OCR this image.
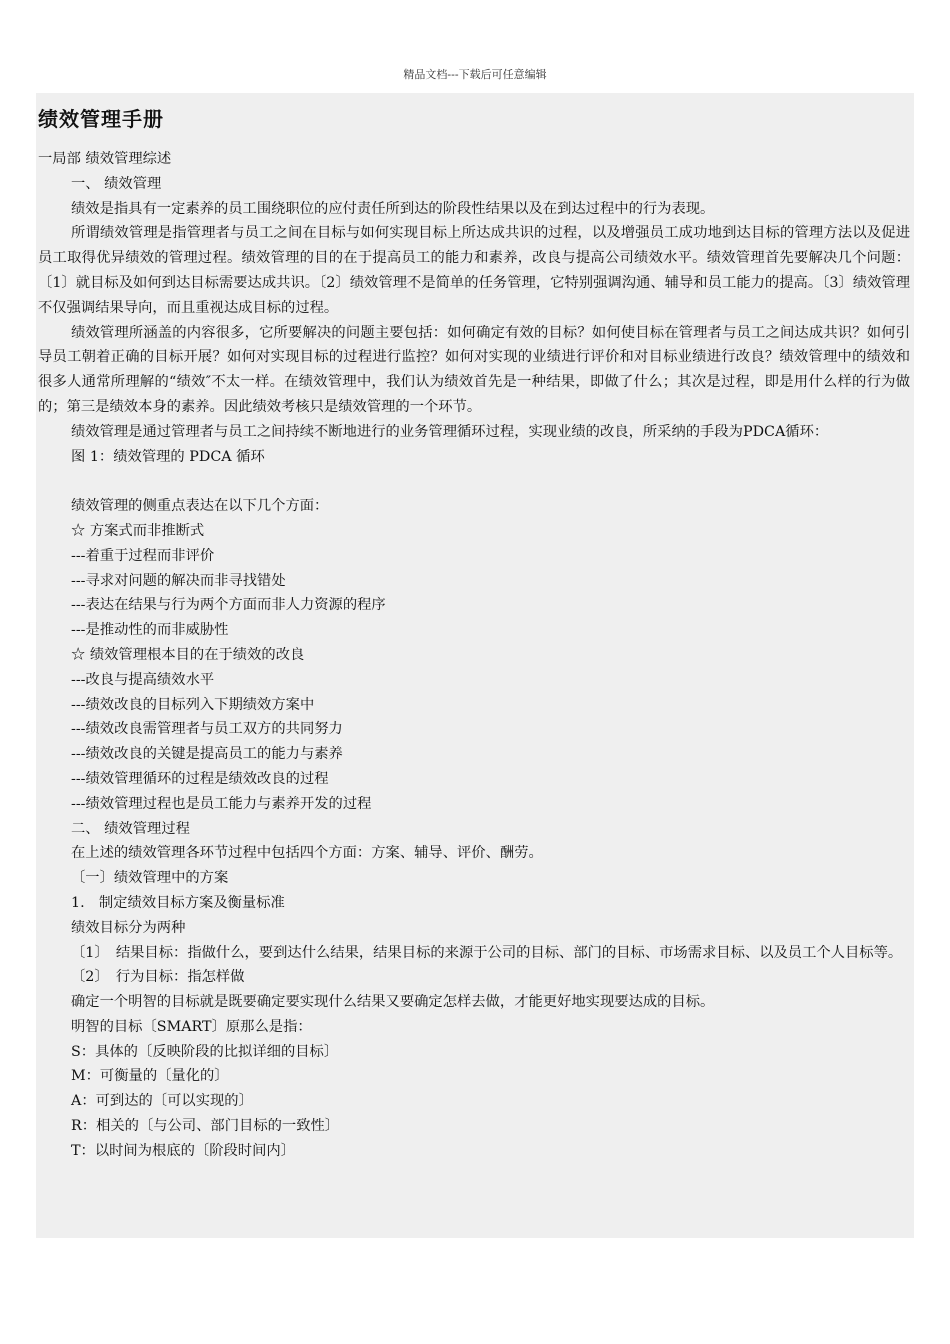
精品文档---下载后可任意编辑
绩效管理手册

一局部 绩效管理综述

一、 绩效管理

绩效是指具有一定素养的员工围绕职位的应付责任所到达的阶段性结果以及在到达过程中的行为表现。

所谓绩效管理是指管理者与员工之间在目标与如何实现目标上所达成共识的过程，以及增强员工成功地到达目标的管理方法以及促进员工取得优异绩效的管理过程。绩效管理的目的在于提高员工的能力和素养，改良与提高公司绩效水平。绩效管理首先要解决几个问题：〔1〕就目标及如何到达目标需要达成共识。〔2〕绩效管理不是简单的任务管理，它特别强调沟通、辅导和员工能力的提高。〔3〕绩效管理不仅强调结果导向，而且重视达成目标的过程。

绩效管理所涵盖的内容很多，它所要解决的问题主要包括：如何确定有效的目标？如何使目标在管理者与员工之间达成共识？如何引导员工朝着正确的目标开展？如何对实现目标的过程进行监控？如何对实现的业绩进行评价和对目标业绩进行改良？绩效管理中的绩效和很多人通常所理解的“绩效″不太一样。在绩效管理中，我们认为绩效首先是一种结果，即做了什么；其次是过程，即是用什么样的行为做的；第三是绩效本身的素养。因此绩效考核只是绩效管理的一个环节。

绩效管理是通过管理者与员工之间持续不断地进行的业务管理循环过程，实现业绩的改良，所采纳的手段为PDCA循环：

图 1：绩效管理的 PDCA 循环

绩效管理的侧重点表达在以下几个方面：

☆ 方案式而非推断式

---着重于过程而非评价

---寻求对问题的解决而非寻找错处

---表达在结果与行为两个方面而非人力资源的程序

---是推动性的而非威胁性

☆ 绩效管理根本目的在于绩效的改良

---改良与提高绩效水平

---绩效改良的目标列入下期绩效方案中

---绩效改良需管理者与员工双方的共同努力

---绩效改良的关键是提高员工的能力与素养

---绩效管理循环的过程是绩效改良的过程

---绩效管理过程也是员工能力与素养开发的过程

二、 绩效管理过程

在上述的绩效管理各环节过程中包括四个方面：方案、辅导、评价、酬劳。

〔一〕绩效管理中的方案

1.　制定绩效目标方案及衡量标准

绩效目标分为两种

〔1〕　结果目标：指做什么，要到达什么结果，结果目标的来源于公司的目标、部门的目标、市场需求目标、以及员工个人目标等。

〔2〕　行为目标：指怎样做

确定一个明智的目标就是既要确定要实现什么结果又要确定怎样去做，才能更好地实现要达成的目标。

明智的目标〔SMART〕原那么是指：

S：具体的〔反映阶段的比拟详细的目标〕

M：可衡量的〔量化的〕

A：可到达的〔可以实现的〕

R：相关的〔与公司、部门目标的一致性〕

T：以时间为根底的〔阶段时间内〕
